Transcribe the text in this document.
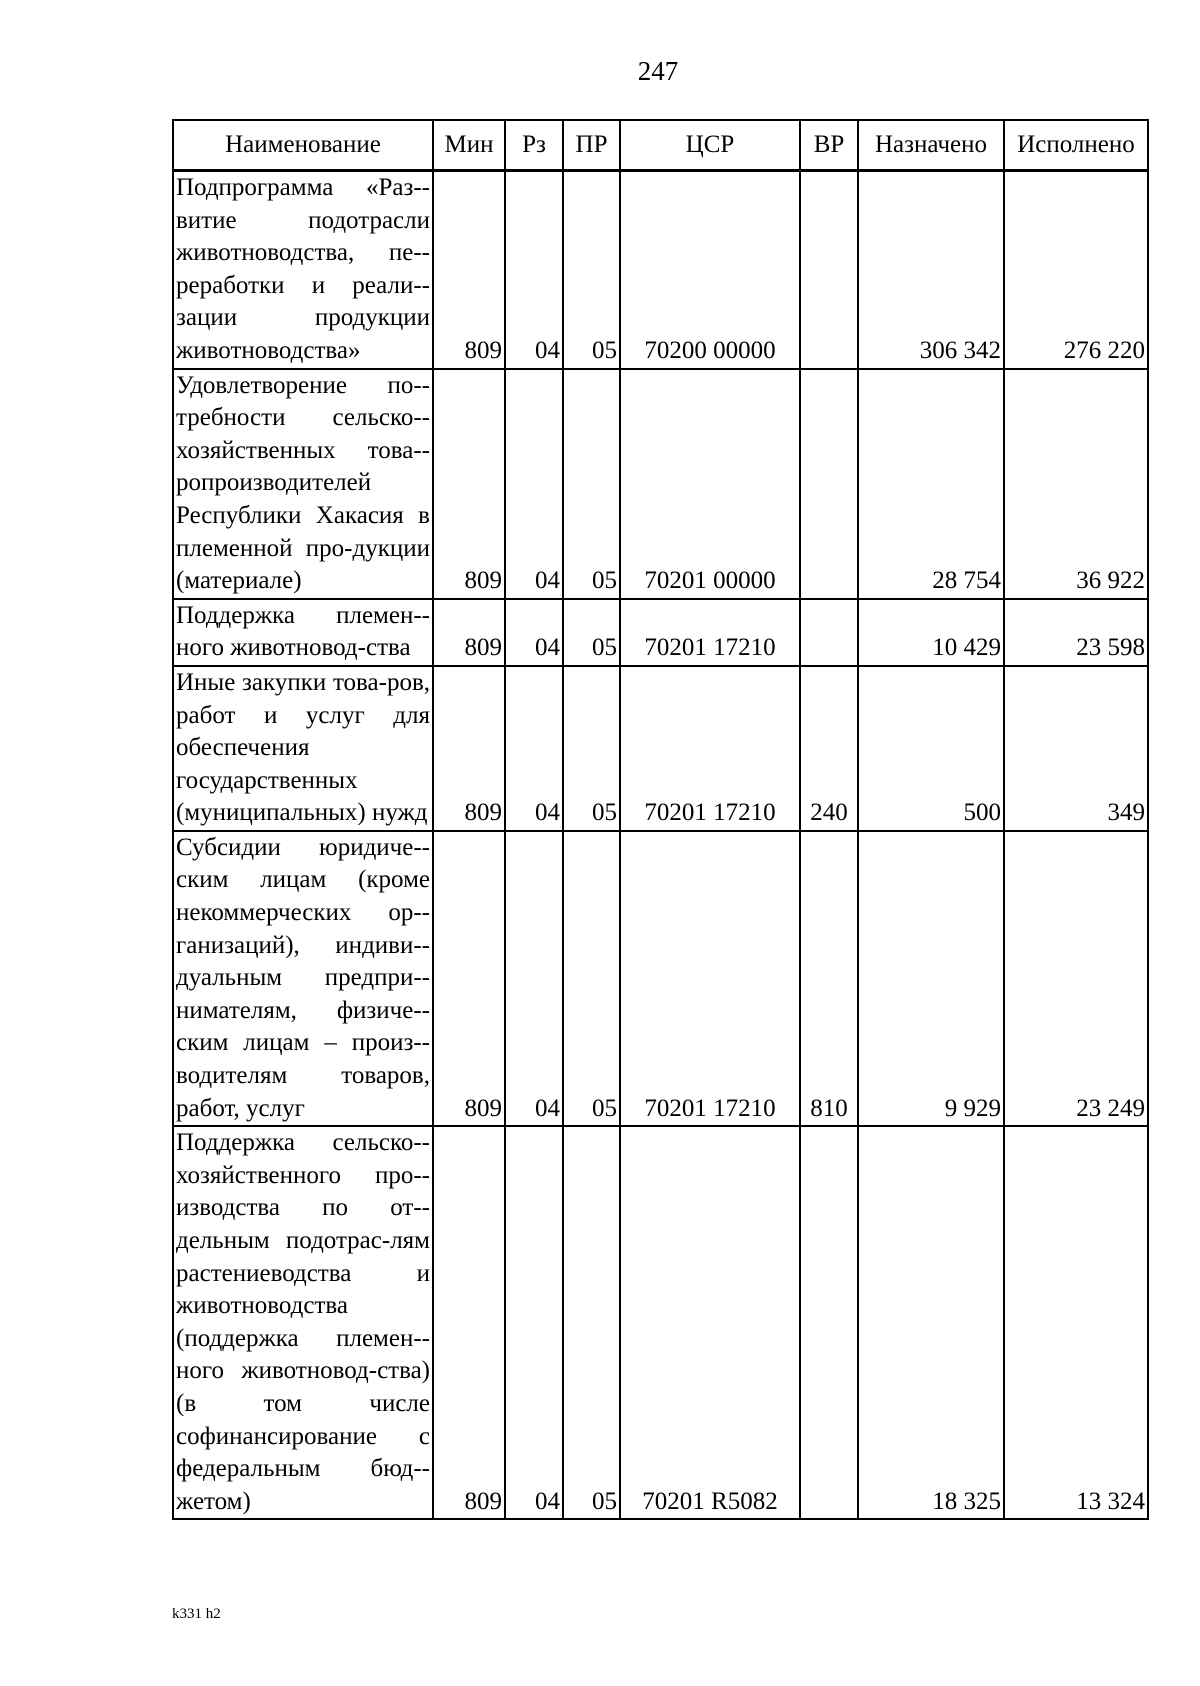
247
Наименование	Мин	Рз	ПР	ЦСР	ВР	Назначено	Исполнено
Подпрограмма «Раз-витие подотрасли животноводства, пе-реработки и реали-зации продукции животноводства»	809	04	05	70200 00000		306 342	276 220
Удовлетворение по-требности сельско-хозяйственных това-ропроизводителей Республики Хакасия в племенной про-дукции (материале)	809	04	05	70201 00000		28 754	36 922
Поддержка племен-ного животновод-ства	809	04	05	70201 17210		10 429	23 598
Иные закупки това-ров, работ и услуг для обеспечения государственных (муниципальных) нужд	809	04	05	70201 17210	240	500	349
Субсидии юридиче-ским лицам (кроме некоммерческих ор-ганизаций), индиви-дуальным предпри-нимателям, физиче-ским лицам – произ-водителям товаров, работ, услуг	809	04	05	70201 17210	810	9 929	23 249
Поддержка сельско-хозяйственного про-изводства по от-дельным подотрас-лям растениеводства и животноводства (поддержка племен-ного животновод-ства) (в том числе софинансирование с федеральным бюд-жетом)	809	04	05	70201 R5082		18 325	13 324
k331 h2
